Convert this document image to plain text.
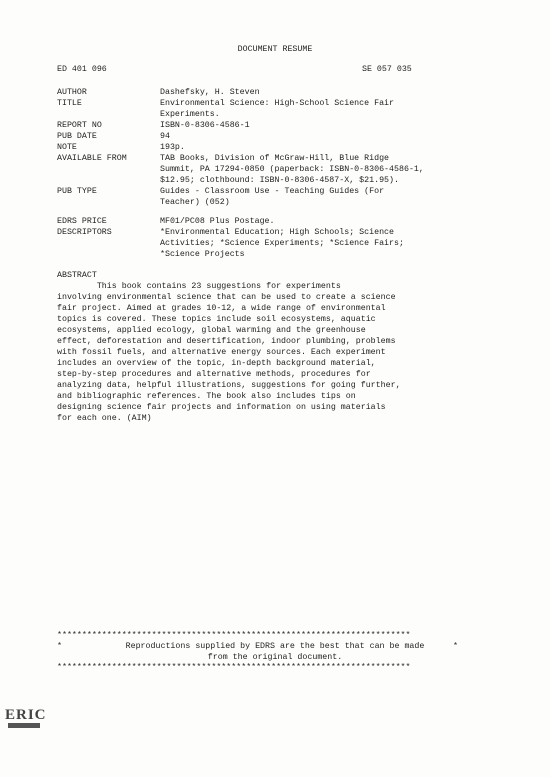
DOCUMENT RESUME
ED 401 096	SE 057 035
AUTHOR	Dashefsky, H. Steven
TITLE	Environmental Science: High-School Science Fair
Experiments.
REPORT NO	ISBN-0-8306-4586-1
PUB DATE	94
NOTE	193p.
AVAILABLE FROM	TAB Books, Division of McGraw-Hill, Blue Ridge
Summit, PA 17294-0850 (paperback: ISBN-0-8306-4586-1,
$12.95; clothbound: ISBN-0-8306-4587-X, $21.95).
PUB TYPE	Guides - Classroom Use - Teaching Guides (For
Teacher) (052)
EDRS PRICE	MF01/PC08 Plus Postage.
DESCRIPTORS	*Environmental Education; High Schools; Science
Activities; *Science Experiments; *Science Fairs;
*Science Projects
ABSTRACT
This book contains 23 suggestions for experiments
involving environmental science that can be used to create a science
fair project. Aimed at grades 10-12, a wide range of environmental
topics is covered. These topics include soil ecosystems, aquatic
ecosystems, applied ecology, global warming and the greenhouse
effect, deforestation and desertification, indoor plumbing, problems
with fossil fuels, and alternative energy sources. Each experiment
includes an overview of the topic, in-depth background material,
step-by-step procedures and alternative methods, procedures for
analyzing data, helpful illustrations, suggestions for going further,
and bibliographic references. The book also includes tips on
designing science fair projects and information on using materials
for each one. (AIM)
***********************************************************************
*	Reproductions supplied by EDRS are the best that can be made	*
from the original document.
***********************************************************************
ERIC
